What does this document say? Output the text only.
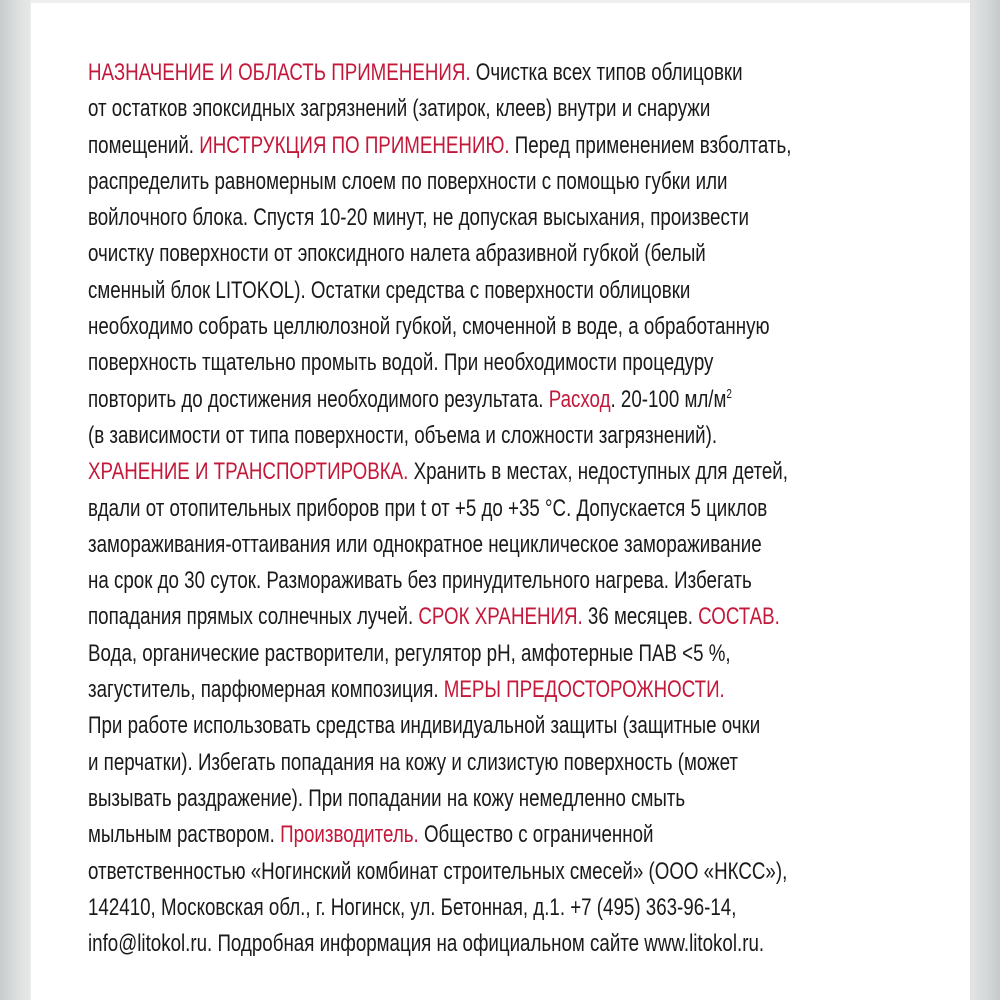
НАЗНАЧЕНИЕ И ОБЛАСТЬ ПРИМЕНЕНИЯ. Очистка всех типов облицовки
от остатков эпоксидных загрязнений (затирок, клеев) внутри и снаружи
помещений. ИНСТРУКЦИЯ ПО ПРИМЕНЕНИЮ. Перед применением взболтать,
распределить равномерным слоем по поверхности с помощью губки или
войлочного блока. Спустя 10-20 минут, не допуская высыхания, произвести
очистку поверхности от эпоксидного налета абразивной губкой (белый
сменный блок LITOKOL). Остатки средства с поверхности облицовки
необходимо собрать целлюлозной губкой, смоченной в воде, а обработанную
поверхность тщательно промыть водой. При необходимости процедуру
повторить до достижения необходимого результата. Расход. 20-100 $мл/м^2$
(в зависимости от типа поверхности, объема и сложности загрязнений).
ХРАНЕНИЕ И ТРАНСПОРТИРОВКА. Хранить в местах, недоступных для детей,
вдали от отопительных приборов при t от +5 до +35 °С. Допускается 5 циклов
замораживания-оттаивания или однократное нециклическое замораживание
на срок до 30 суток. Размораживать без принудительного нагрева. Избегать
попадания прямых солнечных лучей. СРОК ХРАНЕНИЯ. 36 месяцев. СОСТАВ.
Вода, органические растворители, регулятор pH, амфотерные ПАВ <5 %,
загуститель, парфюмерная композиция. МЕРЫ ПРЕДОСТОРОЖНОСТИ.
При работе использовать средства индивидуальной защиты (защитные очки
и перчатки). Избегать попадания на кожу и слизистую поверхность (может
вызывать раздражение). При попадании на кожу немедленно смыть
мыльным раствором. Производитель. Общество с ограниченной
ответственностью «Ногинский комбинат строительных смесей» (ООО «НКСС»),
142410, Московская обл., г. Ногинск, ул. Бетонная, д.1. +7 (495) 363-96-14,
info@litokol.ru. Подробная информация на официальном сайте www.litokol.ru.
